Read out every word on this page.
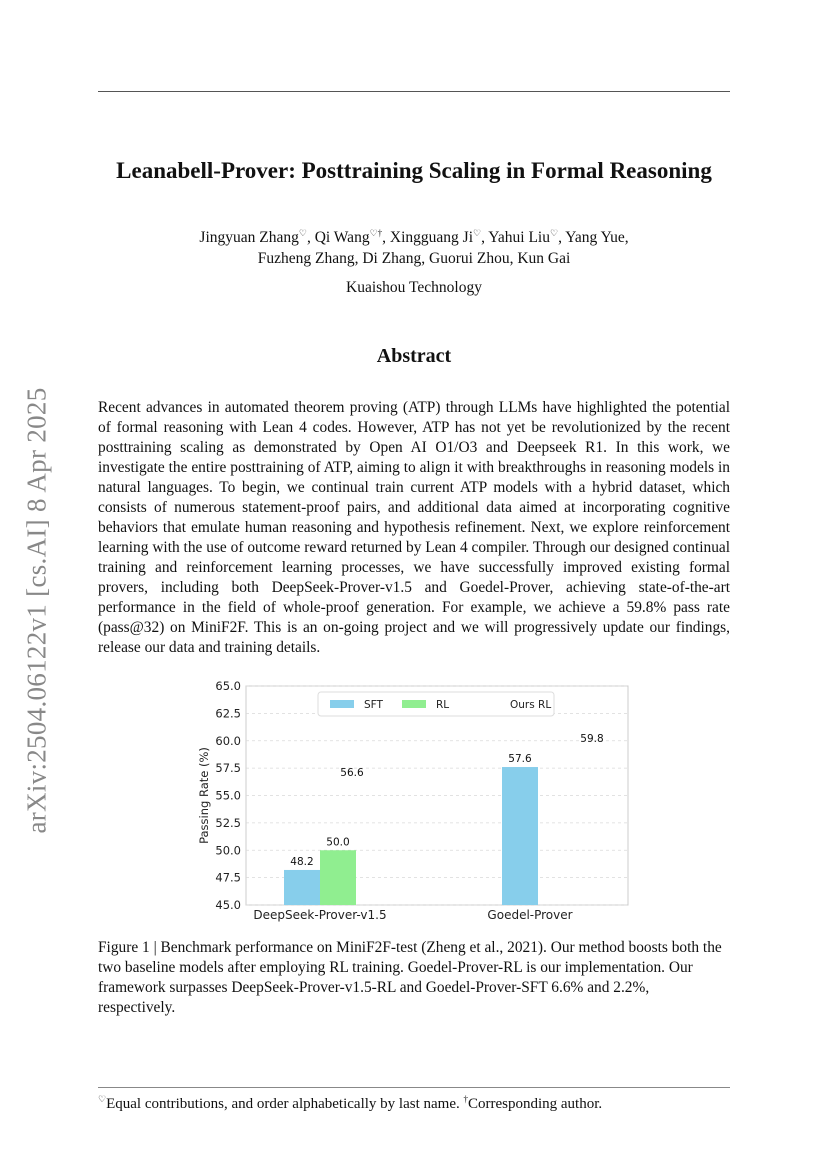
arXiv:2504.06122v1 [cs.AI] 8 Apr 2025
Leanabell-Prover: Posttraining Scaling in Formal Reasoning
Jingyuan Zhang♡, Qi Wang♡†, Xingguang Ji♡, Yahui Liu♡, Yang Yue,
Fuzheng Zhang, Di Zhang, Guorui Zhou, Kun Gai
Kuaishou Technology
Abstract
Recent advances in automated theorem proving (ATP) through LLMs have highlighted the potential of formal reasoning with Lean 4 codes. However, ATP has not yet be revolutionized by the recent posttraining scaling as demonstrated by Open AI O1/O3 and Deepseek R1. In this work, we investigate the entire posttraining of ATP, aiming to align it with breakthroughs in reasoning models in natural languages. To begin, we continual train current ATP models with a hybrid dataset, which consists of numerous statement-proof pairs, and additional data aimed at incorporating cognitive behaviors that emulate human reasoning and hypothesis refinement. Next, we explore reinforcement learning with the use of outcome reward returned by Lean 4 compiler. Through our designed continual training and reinforcement learning processes, we have successfully improved existing formal provers, including both DeepSeek-Prover-v1.5 and Goedel-Prover, achieving state-of-the-art performance in the field of whole-proof generation. For example, we achieve a 59.8% pass rate (pass@32) on MiniF2F. This is an on-going project and we will progressively update our findings, release our data and training details.
45.0
47.5
50.0
52.5
55.0
57.5
60.0
62.5
65.0
Passing Rate (%)
48.2
50.0
56.6
DeepSeek-Prover-v1.5
57.6
59.8
Goedel-Prover
SFT	RL	Ours RL
Figure 1 | Benchmark performance on MiniF2F-test (Zheng et al., 2021). Our method boosts both the two baseline models after employing RL training. Goedel-Prover-RL is our implementation. Our framework surpasses DeepSeek-Prover-v1.5-RL and Goedel-Prover-SFT 6.6% and 2.2%, respectively.
♡Equal contributions, and order alphabetically by last name. †Corresponding author.
